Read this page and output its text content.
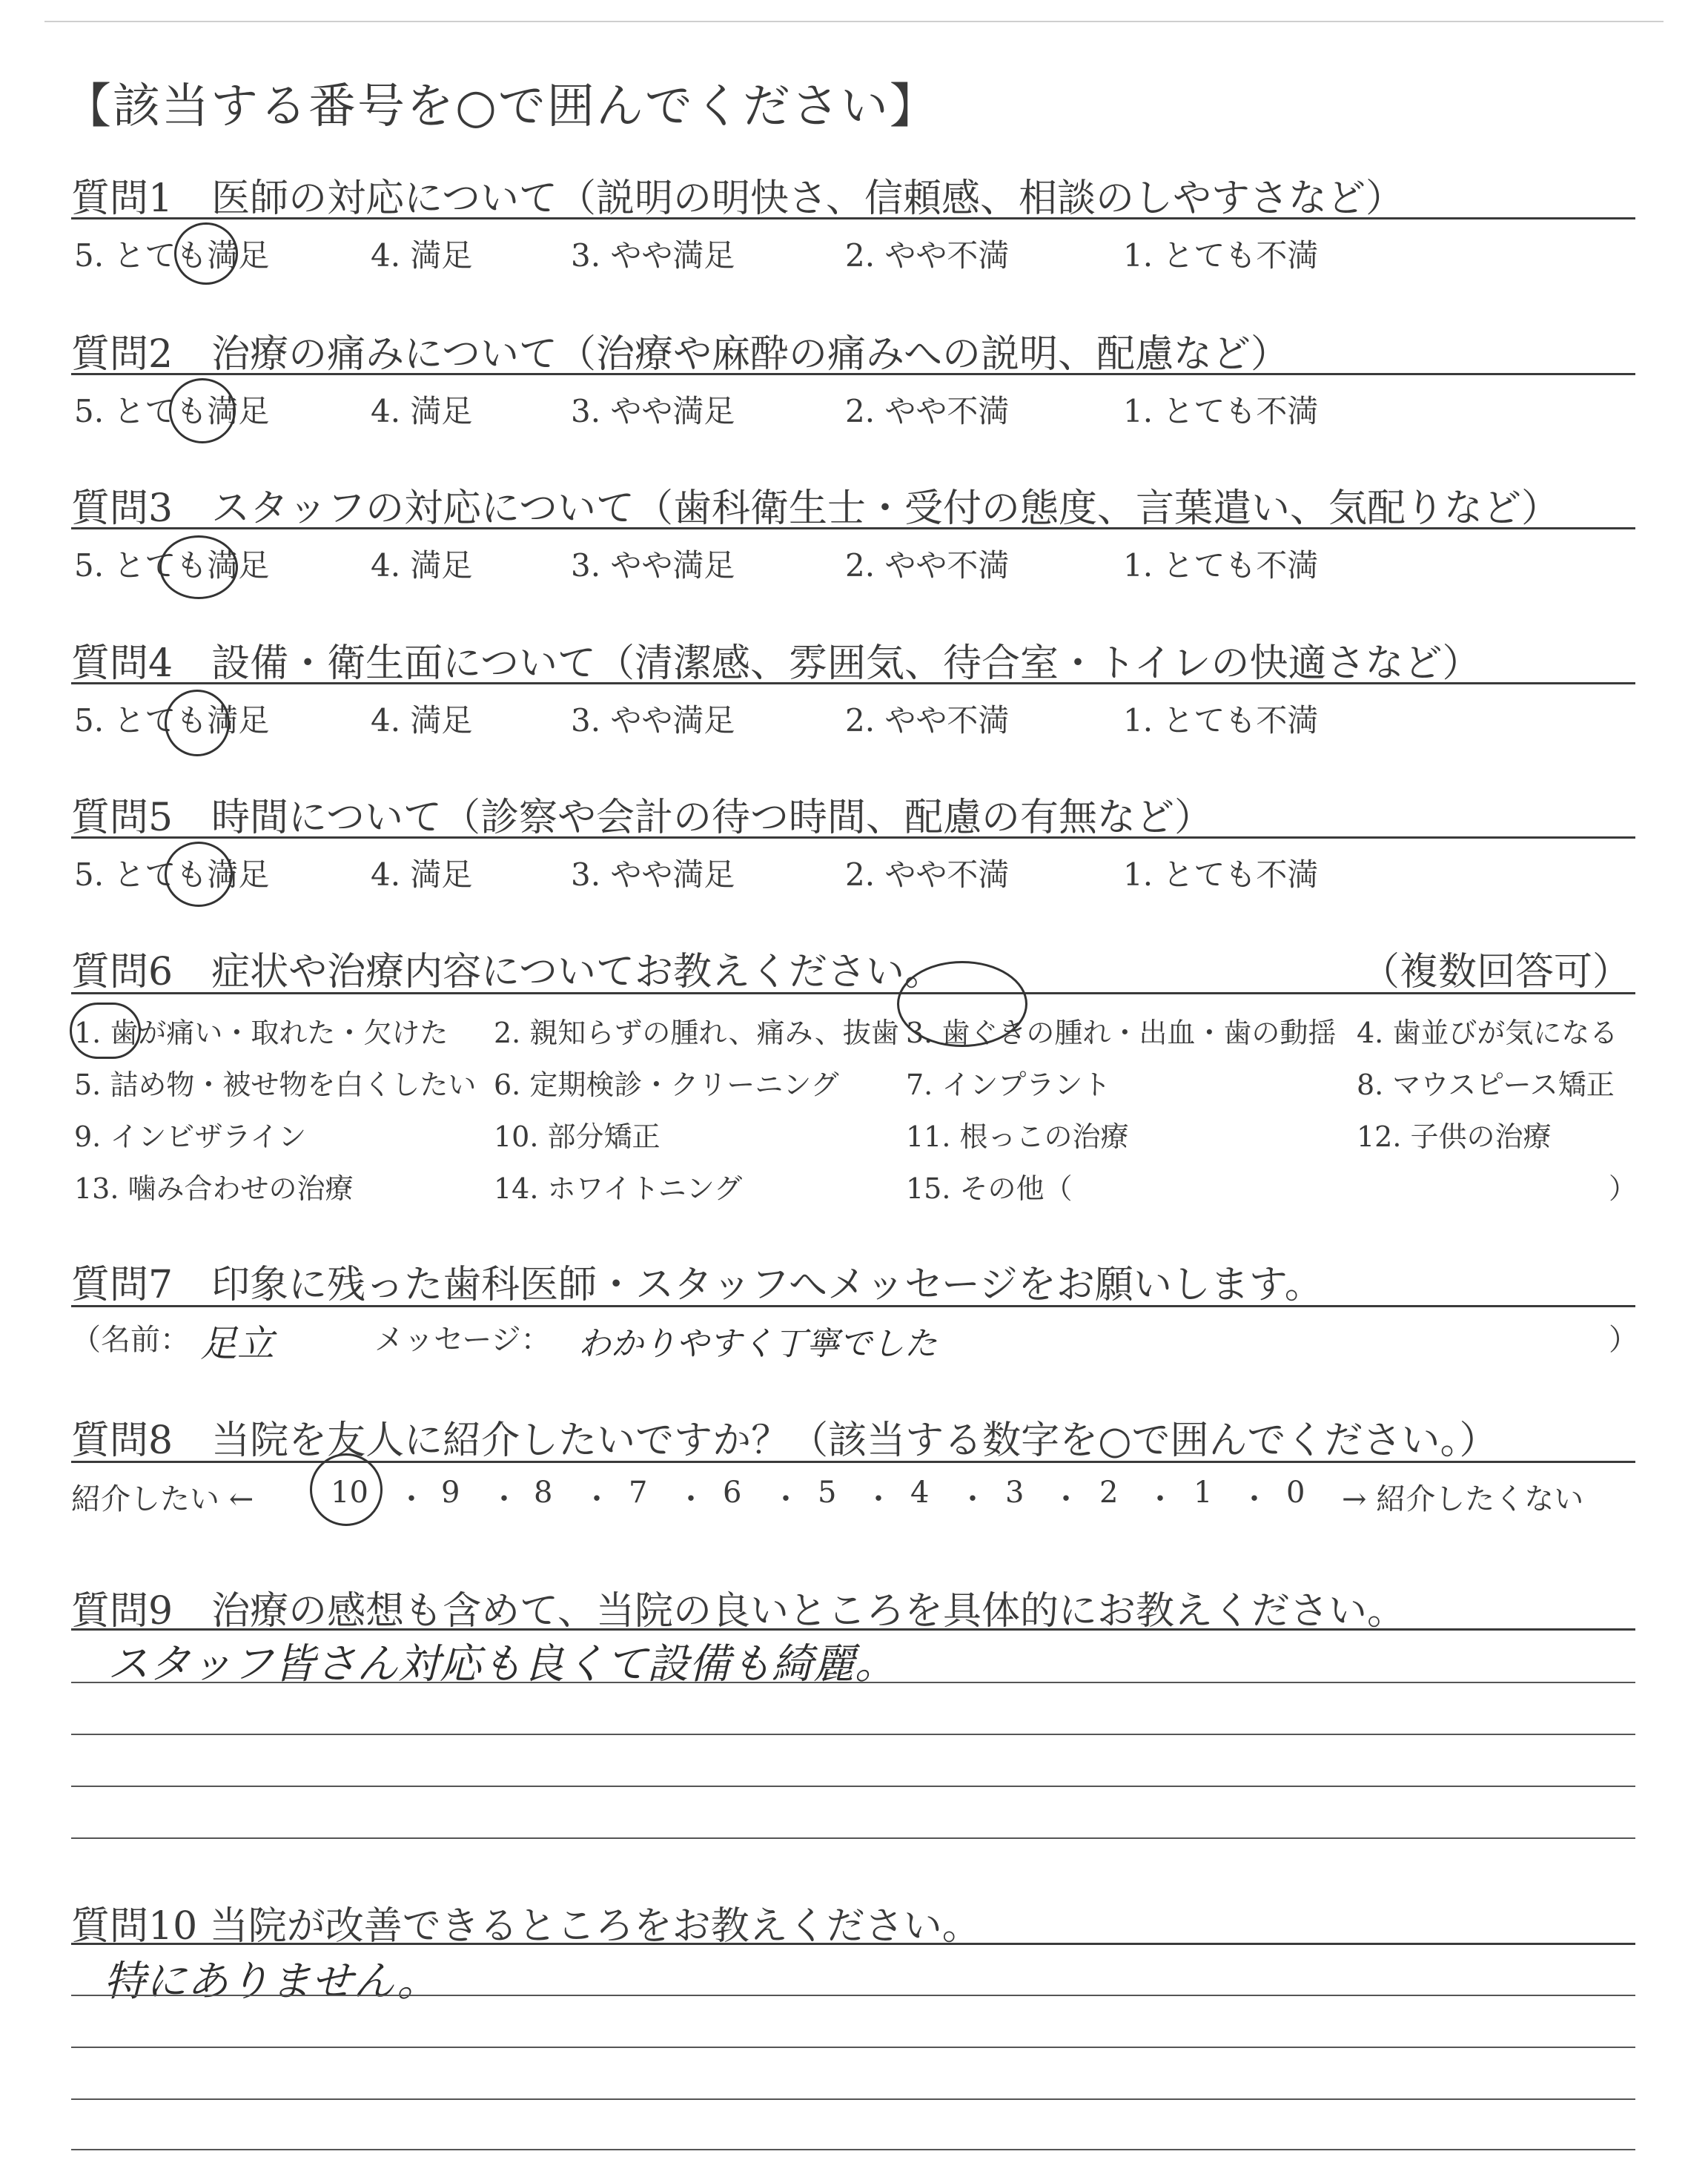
【該当する番号を○で囲んでください】
質問1　医師の対応について（説明の明快さ、信頼感、相談のしやすさなど）
5. とても満足	4. 満足	3. やや満足	2. やや不満	1. とても不満
質問2　治療の痛みについて（治療や麻酔の痛みへの説明、配慮など）
5. とても満足	4. 満足	3. やや満足	2. やや不満	1. とても不満
質問3　スタッフの対応について（歯科衛生士・受付の態度、言葉遣い、気配りなど）
5. とても満足	4. 満足	3. やや満足	2. やや不満	1. とても不満
質問4　設備・衛生面について（清潔感、雰囲気、待合室・トイレの快適さなど）
5. とても満足	4. 満足	3. やや満足	2. やや不満	1. とても不満
質問5　時間について（診察や会計の待つ時間、配慮の有無など）
5. とても満足	4. 満足	3. やや満足	2. やや不満	1. とても不満
質問6　症状や治療内容についてお教えください。	（複数回答可）
1. 歯が痛い・取れた・欠けた 2. 親知らずの腫れ、痛み、抜歯 3. 歯ぐきの腫れ・出血・歯の動揺 4. 歯並びが気になる
5. 詰め物・被せ物を白くしたい 6. 定期検診・クリーニング 7. インプラント	8. マウスピース矯正
9. インビザライン	10. 部分矯正	11. 根っこの治療	12. 子供の治療
13. 噛み合わせの治療	14. ホワイトニング	15. その他（	）
質問7　印象に残った歯科医師・スタッフへメッセージをお願いします。
（名前： 足立	メッセージ： わかりやすく丁寧でした	）
質問8　当院を友人に紹介したいですか？（該当する数字を○で囲んでください。）
紹介したい ←	10 ・ 9 ・ 8 ・ 7 ・ 6 ・ 5 ・ 4 ・ 3 ・ 2 ・ 1 ・ 0 → 紹介したくない
質問9　治療の感想も含めて、当院の良いところを具体的にお教えください。
スタッフ皆さん対応も良くて設備も綺麗。
質問10 当院が改善できるところをお教えください。
特にありません。
